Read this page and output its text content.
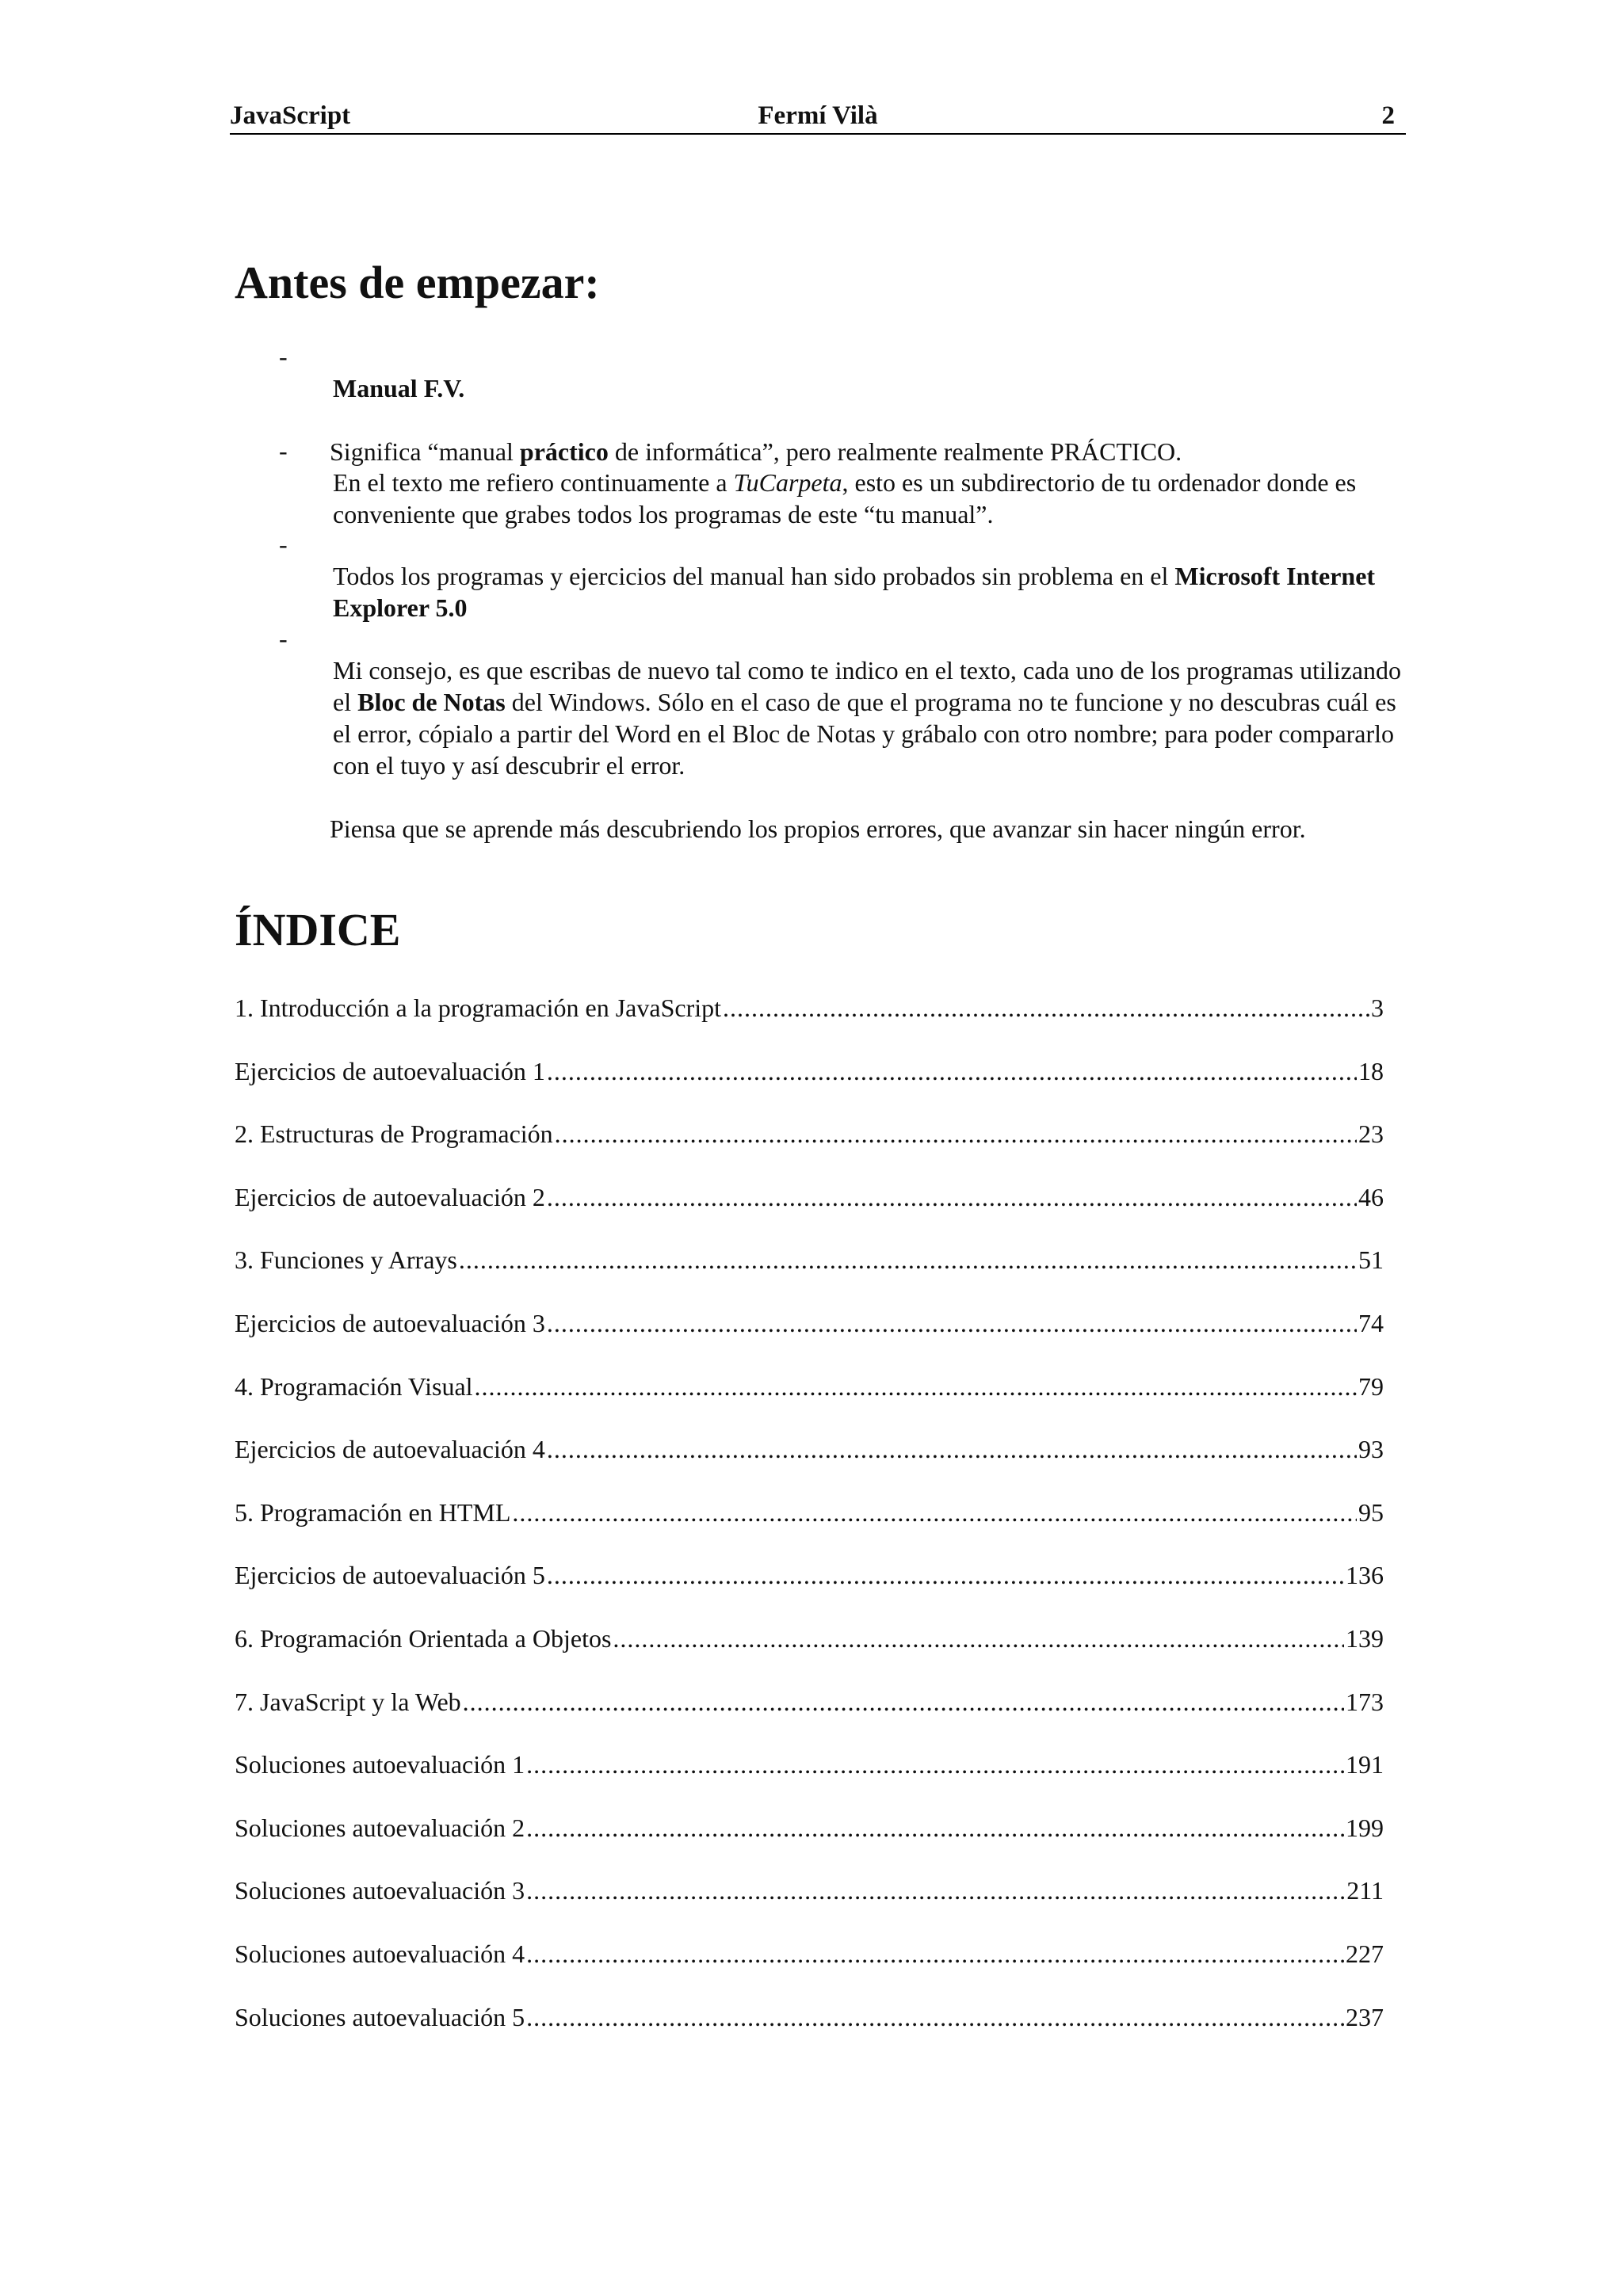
JavaScript	Fermí Vilà	2
Antes de empezar:
-

Manual F.V.

Significa “manual práctico de informática”, pero realmente realmente PRÁCTICO.

-

En el texto me refiero continuamente a TuCarpeta, esto es un subdirectorio de tu ordenador donde es conveniente que grabes todos los programas de este “tu manual”.

-

Todos los programas y ejercicios del manual han sido probados sin problema en el Microsoft Internet Explorer 5.0

-

Mi consejo, es que escribas de nuevo tal como te indico en el texto, cada uno de los programas utilizando el Bloc de Notas del Windows. Sólo en el caso de que el programa no te funcione y no descubras cuál es el error, cópialo a partir del Word en el Bloc de Notas y grábalo con otro nombre; para poder compararlo con el tuyo y así descubrir el error.

Piensa que se aprende más descubriendo los propios errores, que avanzar sin hacer ningún error.

ÍNDICE
1. Introducción a la programación en JavaScript .....	3
Ejercicios de autoevaluación 1 .....	18
2. Estructuras de Programación .....	23
Ejercicios de autoevaluación 2 .....	46
3. Funciones y Arrays .....	51
Ejercicios de autoevaluación 3 .....	74
4. Programación Visual .....	79
Ejercicios de autoevaluación 4 .....	93
5. Programación en HTML .....	95
Ejercicios de autoevaluación 5 .....	136
6. Programación Orientada a Objetos .....	139
7. JavaScript y la Web .....	173
Soluciones autoevaluación 1 .....	191
Soluciones autoevaluación 2 .....	199
Soluciones autoevaluación 3 .....	211
Soluciones autoevaluación 4 .....	227
Soluciones autoevaluación 5 .....	237
